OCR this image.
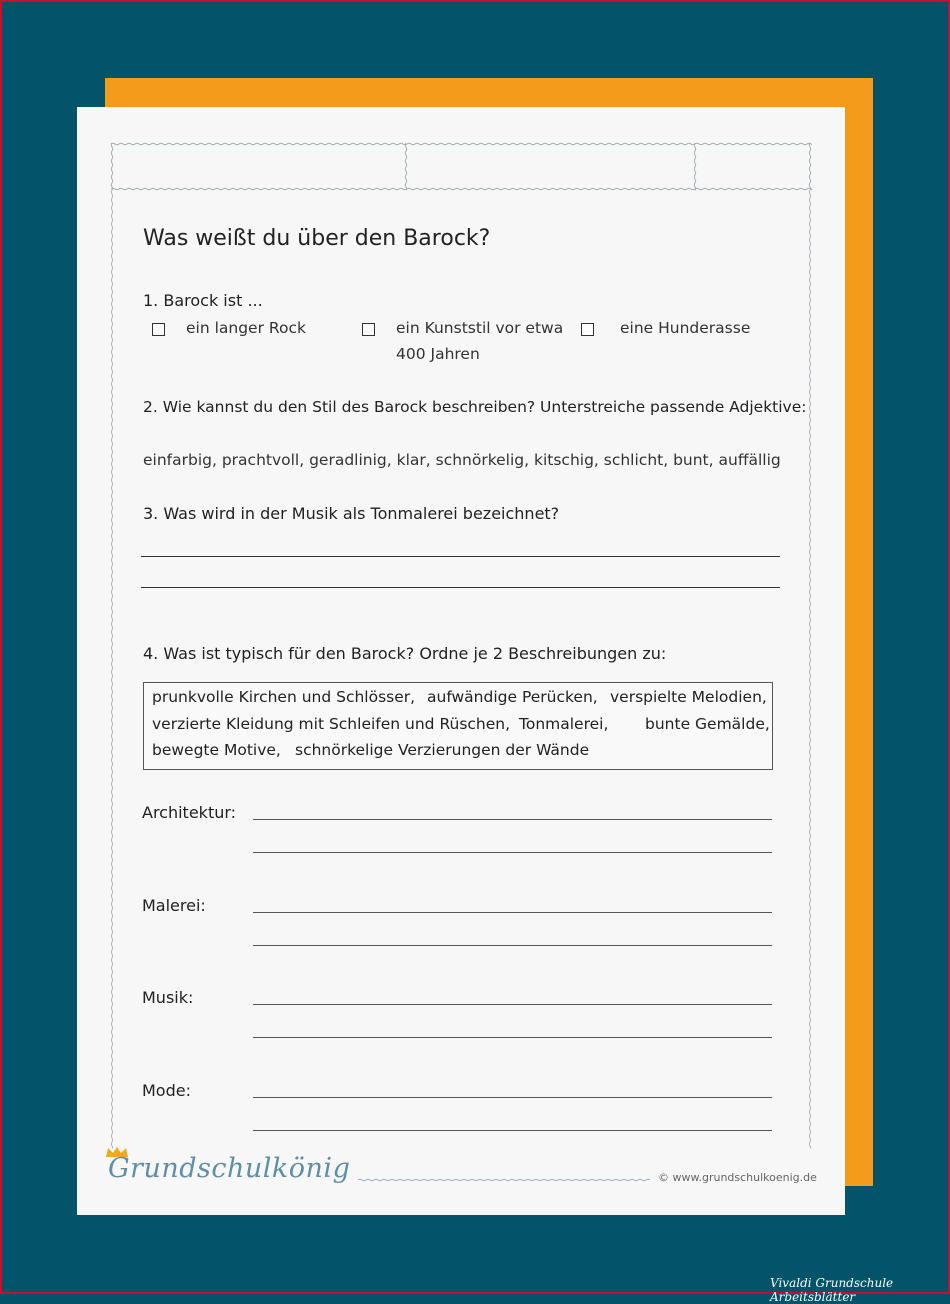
Was weißt du über den Barock?
1. Barock ist ...
ein langer Rock	ein Kunststil vor etwa
400 Jahren
eine Hunderasse
2. Wie kannst du den Stil des Barock beschreiben? Unterstreiche passende Adjektive:
einfarbig, prachtvoll, geradlinig, klar, schnörkelig, kitschig, schlicht, bunt, auffällig
3. Was wird in der Musik als Tonmalerei bezeichnet?
4. Was ist typisch für den Barock? Ordne je 2 Beschreibungen zu:
prunkvolle Kirchen und Schlösser, aufwändige Perücken, verspielte Melodien,
verzierte Kleidung mit Schleifen und Rüschen, Tonmalerei, bunte Gemälde,
bewegte Motive, schnörkelige Verzierungen der Wände
Architektur:
Malerei:
Musik:
Mode:
Grundschulkönig	© www.grundschulkoenig.de
Vivaldi Grundschule Arbeitsblätter
